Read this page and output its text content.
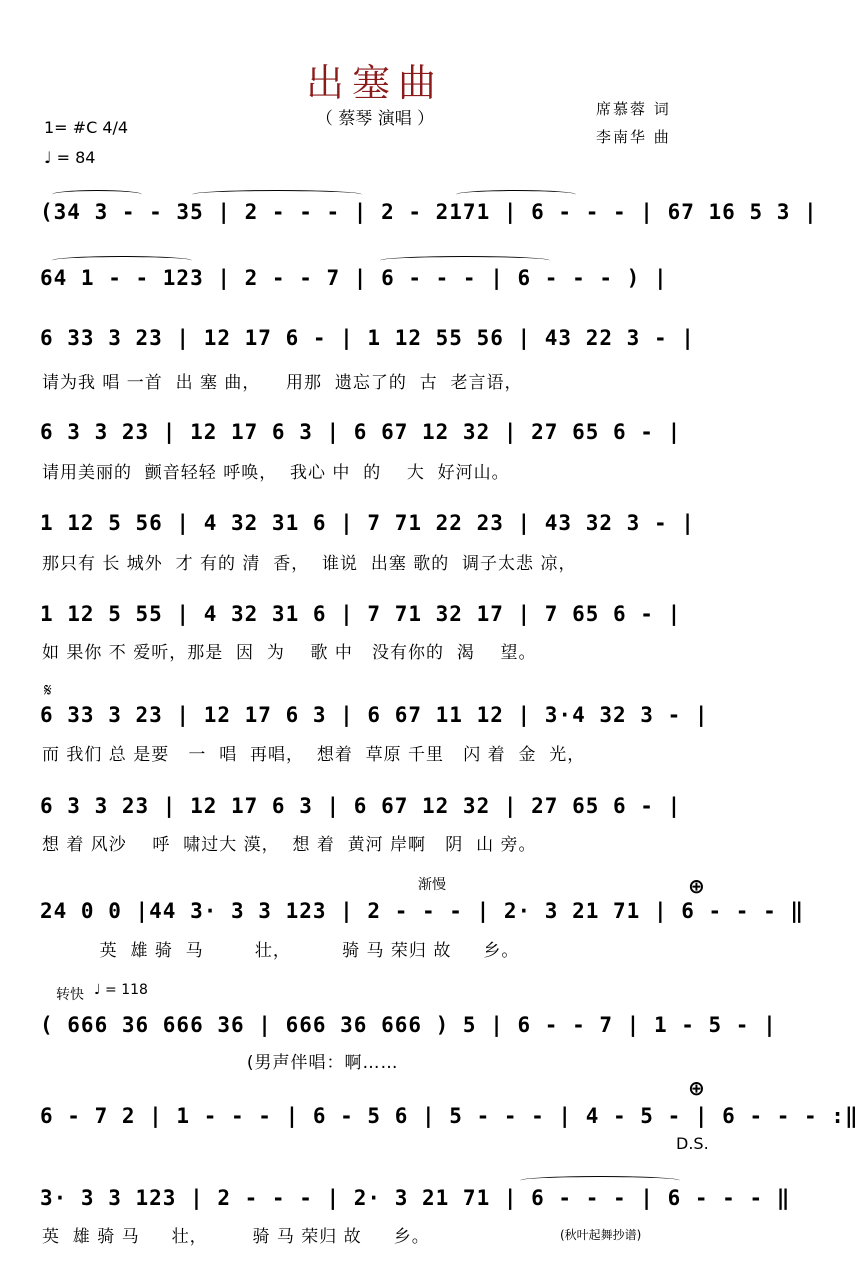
出塞曲
（ 蔡琴 演唱 ）
1= #C 4/4
♩ = 84
席慕蓉 词
李南华 曲
(34 3 - - 35 | 2 - - - | 2 - 2171 | 6 - - - | 67 16 5 3 |
64 1 - - 123 | 2 - - 7 | 6 - - - | 6 - - - ) |
6 33 3 23 | 12 17 6 - | 1 12 55 56 | 43 22 3 - |
请为我 唱 一首  出 塞 曲，    用那  遗忘了的  古  老言语，
6 3 3 23 | 12 17 6 3 | 6 67 12 32 | 27 65 6 - |
请用美丽的  颤音轻轻 呼唤，  我心 中  的    大  好河山。
1 12 5 56 | 4 32 31 6 | 7 71 22 23 | 43 32 3 - |
那只有 长 城外  才 有的 清  香，  谁说  出塞 歌的  调子太悲 凉，
1 12 5 55 | 4 32 31 6 | 7 71 32 17 | 7 65 6 - |
如 果你 不 爱听，那是  因  为    歌 中   没有你的  渴    望。
𝄋
6 33 3 23 | 12 17 6 3 | 6 67 11 12 | 3·4 32 3 - |
而 我们 总 是要   一  唱  再唱，  想着  草原 千里   闪 着  金  光，
6 3 3 23 | 12 17 6 3 | 6 67 12 32 | 27 65 6 - |
想 着 风沙    呼  啸过大 漠，  想 着  黄河 岸啊   阴  山 旁。
渐慢	⊕
24 0 0 |44 3· 3 3 123 | 2 - - - | 2· 3 21 71 | 6 - - - ‖
英  雄 骑  马        壮，        骑 马 荣归 故     乡。
转快 ♩ = 118
( 666 36 666 36 | 666 36 666 ) 5 | 6 - - 7 | 1 - 5 - |
(男声伴唱：啊……
⊕
6 - 7 2 | 1 - - - | 6 - 5 6 | 5 - - - | 4 - 5 - | 6 - - - :‖
D.S.
3· 3 3 123 | 2 - - - | 2· 3 21 71 | 6 - - - | 6 - - - ‖
英  雄 骑 马     壮，       骑 马 荣归 故     乡。	(秋叶起舞抄谱)
